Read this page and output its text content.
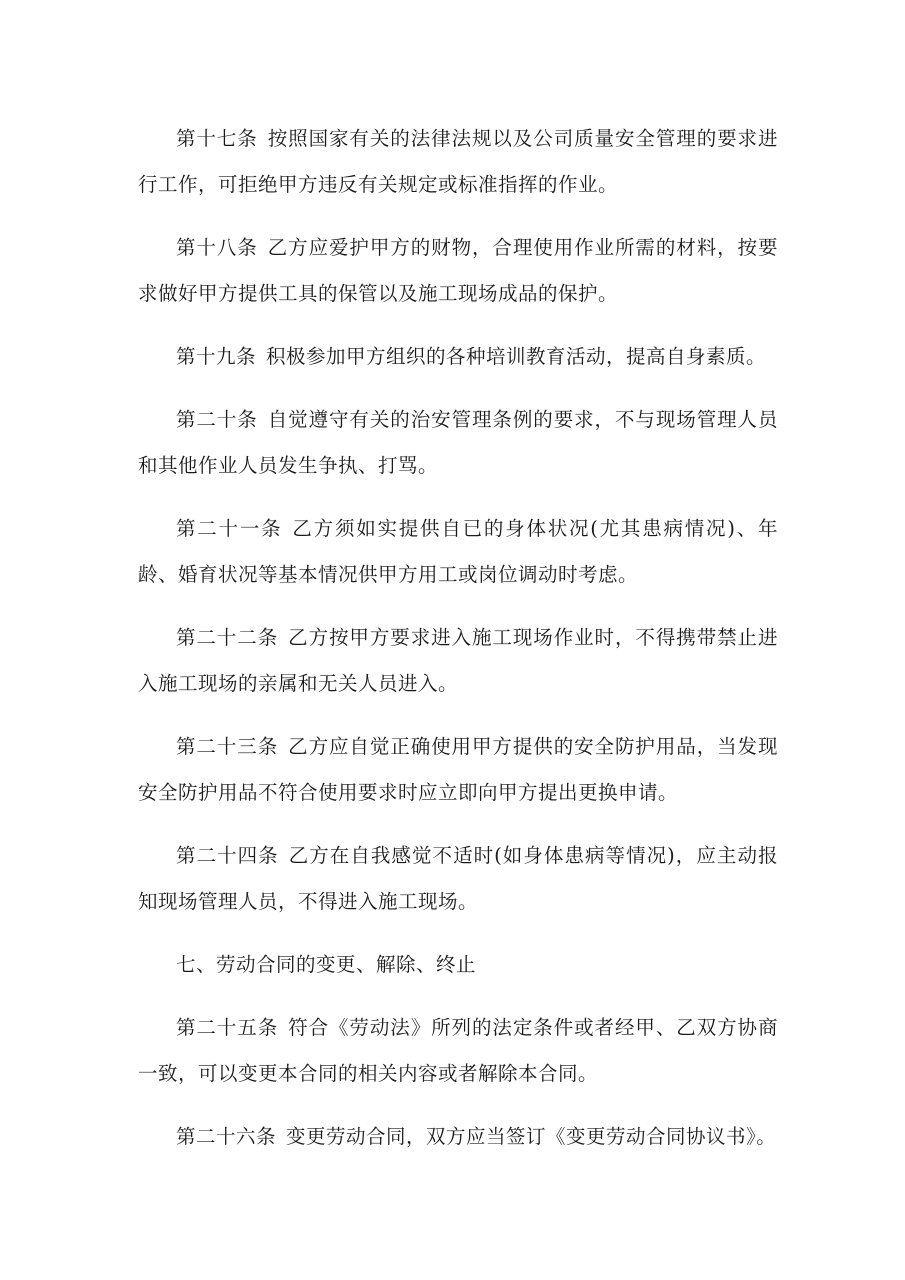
第十七条 按照国家有关的法律法规以及公司质量安全管理的要求进行工作，可拒绝甲方违反有关规定或标准指挥的作业。

第十八条 乙方应爱护甲方的财物，合理使用作业所需的材料，按要求做好甲方提供工具的保管以及施工现场成品的保护。

第十九条 积极参加甲方组织的各种培训教育活动，提高自身素质。

第二十条 自觉遵守有关的治安管理条例的要求，不与现场管理人员和其他作业人员发生争执、打骂。

第二十一条 乙方须如实提供自已的身体状况(尤其患病情况)、年龄、婚育状况等基本情况供甲方用工或岗位调动时考虑。

第二十二条 乙方按甲方要求进入施工现场作业时，不得携带禁止进入施工现场的亲属和无关人员进入。

第二十三条 乙方应自觉正确使用甲方提供的安全防护用品，当发现安全防护用品不符合使用要求时应立即向甲方提出更换申请。

第二十四条 乙方在自我感觉不适时(如身体患病等情况)，应主动报知现场管理人员，不得进入施工现场。

七、劳动合同的变更、解除、终止

第二十五条 符合《劳动法》所列的法定条件或者经甲、乙双方协商一致，可以变更本合同的相关内容或者解除本合同。

第二十六条 变更劳动合同，双方应当签订《变更劳动合同协议书》。
